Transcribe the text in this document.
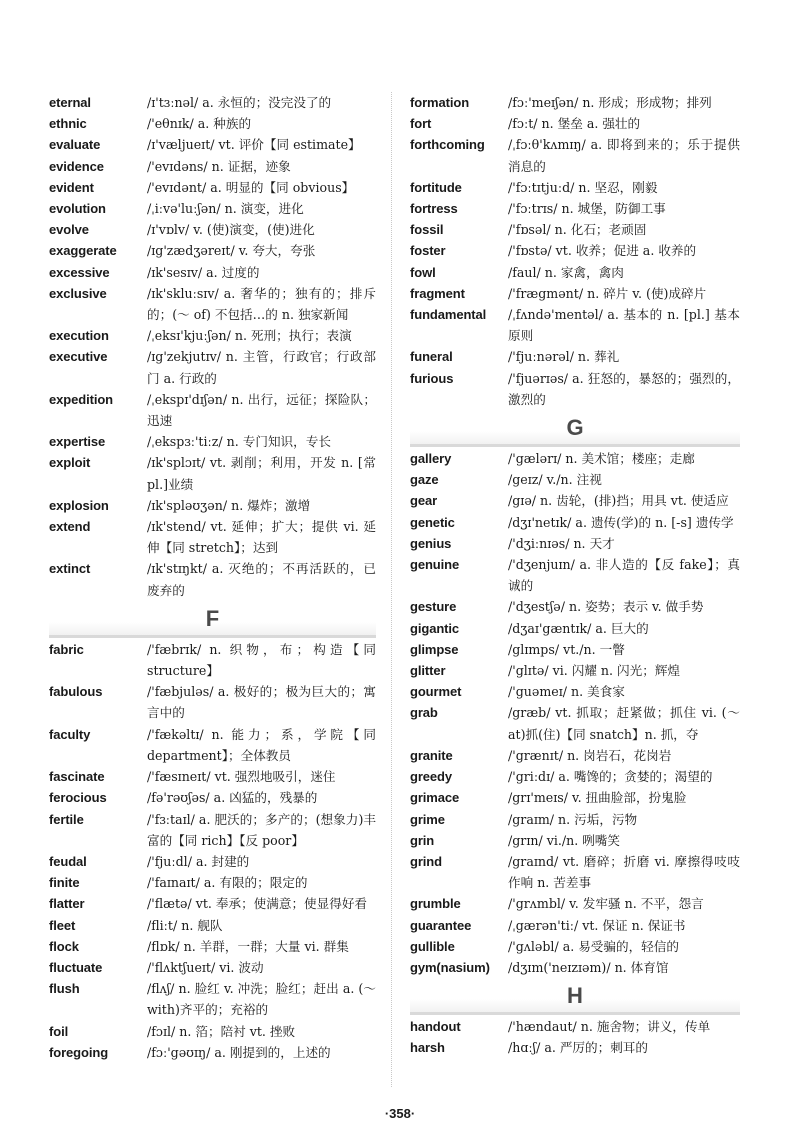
eternal	/ɪ'tɜːnəl/ a. 永恒的；没完没了的
ethnic	/'eθnɪk/ a. 种族的
evaluate	/ɪ'væljueɪt/ vt. 评价【同 estimate】
evidence	/'evɪdəns/ n. 证据，迹象
evident	/'evɪdənt/ a. 明显的【同 obvious】
evolution	/ˌiːvə'luːʃən/ n. 演变，进化
evolve	/ɪ'vɒlv/ v. (使)演变，(使)进化
exaggerate	/ɪg'zædʒəreɪt/ v. 夸大，夸张
excessive	/ɪk'sesɪv/ a. 过度的
exclusive	/ɪk'skluːsɪv/ a. 奢华的；独有的；排斥的；(～ of) 不包括…的 n. 独家新闻
execution	/ˌeksɪ'kjuːʃən/ n. 死刑；执行；表演
executive	/ɪg'zekjutɪv/ n. 主管，行政官；行政部门 a. 行政的
expedition	/ˌekspɪ'dɪʃən/ n. 出行，远征；探险队；迅速
expertise	/ˌekspɜː'tiːz/ n. 专门知识，专长
exploit	/ɪk'splɔɪt/ vt. 剥削；利用，开发 n. [常 pl.]业绩
explosion	/ɪk'spləʊʒən/ n. 爆炸；激增
extend	/ɪk'stend/ vt. 延伸；扩大；提供 vi. 延伸【同 stretch】；达到
extinct	/ɪk'stɪŋkt/ a. 灭绝的；不再活跃的，已废弃的
F
fabric	/'fæbrɪk/ n. 织物，布；构造【同 structure】
fabulous	/'fæbjuləs/ a. 极好的；极为巨大的；寓言中的
faculty	/'fækəltɪ/ n. 能力；系，学院【同 department】；全体教员
fascinate	/'fæsɪneɪt/ vt. 强烈地吸引，迷住
ferocious	/fə'rəʊʃəs/ a. 凶猛的，残暴的
fertile	/'fɜːtaɪl/ a. 肥沃的；多产的；(想象力)丰富的【同 rich】【反 poor】
feudal	/'fjuːdl/ a. 封建的
finite	/'faɪnaɪt/ a. 有限的；限定的
flatter	/'flætə/ vt. 奉承；使满意；使显得好看
fleet	/fliːt/ n. 舰队
flock	/flɒk/ n. 羊群，一群；大量 vi. 群集
fluctuate	/'flʌktʃueɪt/ vi. 波动
flush	/flʌʃ/ n. 脸红 v. 冲洗；脸红；赶出 a. (～ with)齐平的；充裕的
foil	/fɔɪl/ n. 箔；陪衬 vt. 挫败
foregoing	/fɔː'gəʊɪŋ/ a. 刚提到的，上述的
formation	/fɔː'meɪʃən/ n. 形成；形成物；排列
fort	/fɔːt/ n. 堡垒 a. 强壮的
forthcoming	/ˌfɔːθ'kʌmɪŋ/ a. 即将到来的；乐于提供消息的
fortitude	/'fɔːtɪtjuːd/ n. 坚忍，刚毅
fortress	/'fɔːtrɪs/ n. 城堡，防御工事
fossil	/'fɒsəl/ n. 化石；老顽固
foster	/'fɒstə/ vt. 收养；促进 a. 收养的
fowl	/faul/ n. 家禽，禽肉
fragment	/'frægmənt/ n. 碎片 v. (使)成碎片
fundamental	/ˌfʌndə'mentəl/ a. 基本的 n. [pl.] 基本原则
funeral	/'fjuːnərəl/ n. 葬礼
furious	/'fjuərɪəs/ a. 狂怒的，暴怒的；强烈的，激烈的
G
gallery	/'gælərɪ/ n. 美术馆；楼座；走廊
gaze	/geɪz/ v./n. 注视
gear	/gɪə/ n. 齿轮，(排)挡；用具 vt. 使适应
genetic	/dʒɪ'netɪk/ a. 遗传(学)的 n. [-s] 遗传学
genius	/'dʒiːnɪəs/ n. 天才
genuine	/'dʒenjuɪn/ a. 非人造的【反 fake】；真诚的
gesture	/'dʒestʃə/ n. 姿势；表示 v. 做手势
gigantic	/dʒaɪ'gæntɪk/ a. 巨大的
glimpse	/glɪmps/ vt./n. 一瞥
glitter	/'glɪtə/ vi. 闪耀 n. 闪光；辉煌
gourmet	/'guəmeɪ/ n. 美食家
grab	/græb/ vt. 抓取；赶紧做；抓住 vi. (～ at)抓(住)【同 snatch】n. 抓，夺
granite	/'grænɪt/ n. 岗岩石，花岗岩
greedy	/'griːdɪ/ a. 嘴馋的；贪婪的；渴望的
grimace	/grɪ'meɪs/ v. 扭曲脸部，扮鬼脸
grime	/graɪm/ n. 污垢，污物
grin	/grɪn/ vi./n. 咧嘴笑
grind	/graɪnd/ vt. 磨碎；折磨 vi. 摩擦得吱吱作响 n. 苦差事
grumble	/'grʌmbl/ v. 发牢骚 n. 不平，怨言
guarantee	/ˌgærən'tiː/ vt. 保证 n. 保证书
gullible	/'gʌləbl/ a. 易受骗的，轻信的
gym(nasium)	/dʒɪm('neɪzɪəm)/ n. 体育馆
H
handout	/'hændaut/ n. 施舍物；讲义，传单
harsh	/hɑːʃ/ a. 严厉的；刺耳的
·358·
